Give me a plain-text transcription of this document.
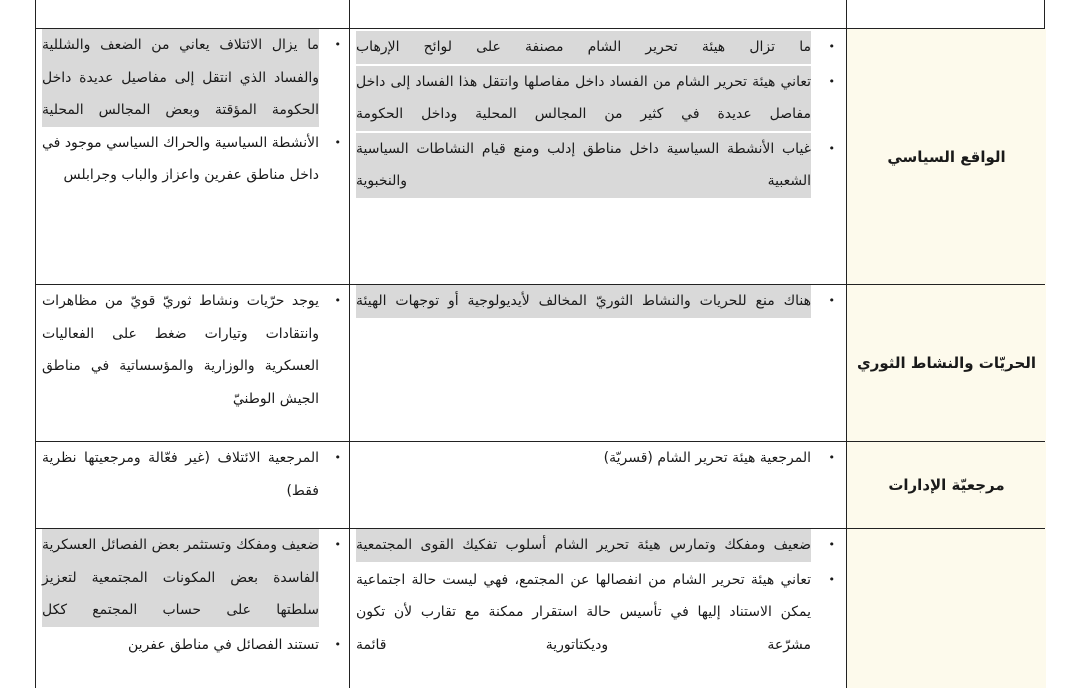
الواقع السياسي
•
ما تزال هيئة تحرير الشام مصنفة على لوائح الإرهاب
•
تعاني هيئة تحرير الشام من الفساد داخل مفاصلها وانتقل هذا الفساد إلى داخل مفاصل عديدة في كثير من المجالس المحلية وداخل الحكومة
•
غياب الأنشطة السياسية داخل مناطق إدلب ومنع قيام النشاطات السياسية الشعبية والنخبوية
•
ما يزال الائتلاف يعاني من الضعف والشللية والفساد الذي انتقل إلى مفاصيل عديدة داخل الحكومة المؤقتة وبعض المجالس المحلية
•
الأنشطة السياسية والحراك السياسي موجود في داخل مناطق عفرين واعزاز والباب وجرابلس
الحريّات والنشاط الثوري
•
هناك منع للحريات والنشاط الثوريّ المخالف لأيديولوجية أو توجهات الهيئة
•
يوجد حرّيات ونشاط ثوريّ قويّ من مظاهرات وانتقادات وتيارات ضغط على الفعاليات العسكرية والوزارية والمؤسساتية في مناطق الجيش الوطنيّ
مرجعيّة الإدارات
•
المرجعية هيئة تحرير الشام (قسريّة)
•
المرجعية الائتلاف (غير فعّالة ومرجعيتها نظرية فقط)
•
ضعيف ومفكك وتمارس هيئة تحرير الشام أسلوب تفكيك القوى المجتمعية
•
تعاني هيئة تحرير الشام من انفصالها عن المجتمع، فهي ليست حالة اجتماعية يمكن الاستناد إليها في تأسيس حالة استقرار ممكنة مع تقارب لأن تكون مشرّعة وديكتاتورية قائمة
•
ضعيف ومفكك وتستثمر بعض الفصائل العسكرية الفاسدة بعض المكونات المجتمعية لتعزيز سلطتها على حساب المجتمع ككل
•
تستند الفصائل في مناطق عفرين
